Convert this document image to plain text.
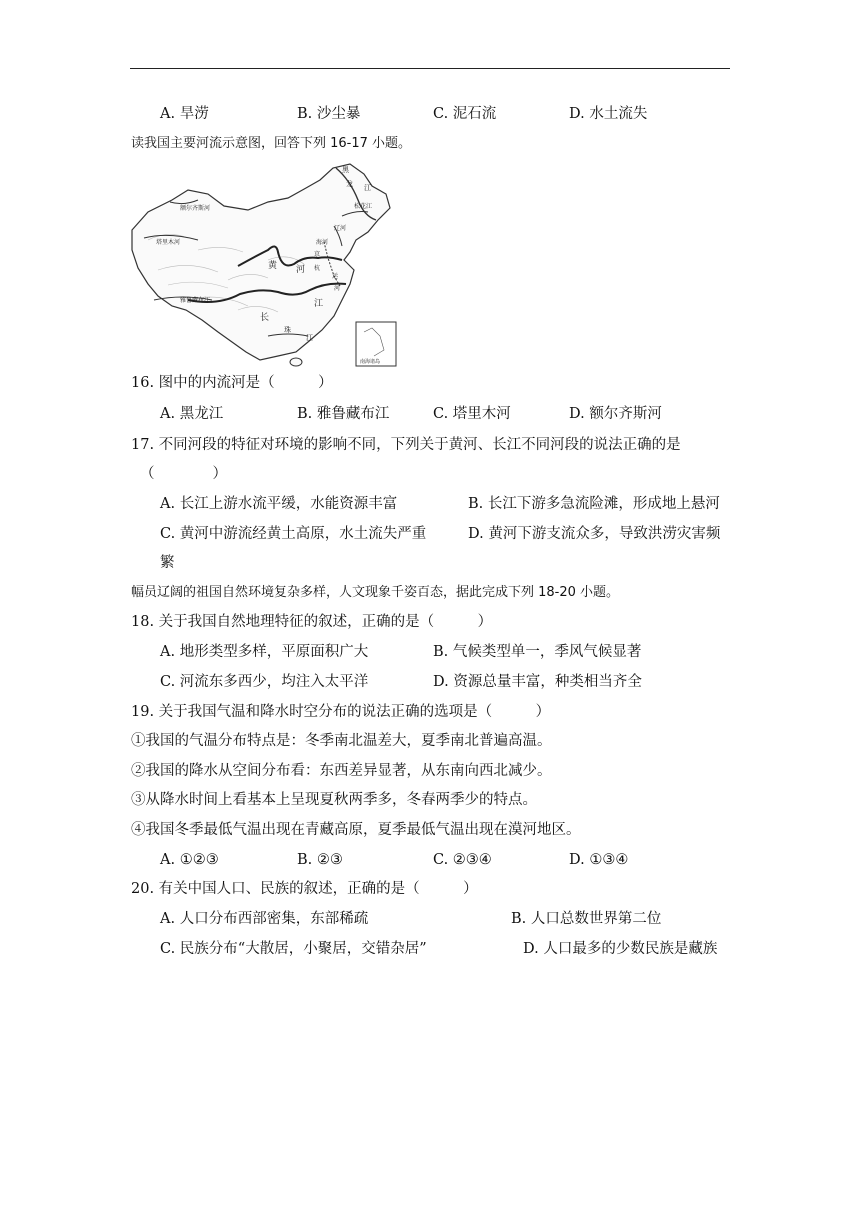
A. 旱涝	B. 沙尘暴	C. 泥石流	D. 水土流失
读我国主要河流示意图，回答下列 16-17 小题。
黑
龙 江
松花江
额尔齐斯河
辽河
海河
京
杭
运
河
塔里木河
黄 河
雅鲁藏布江
长
江
珠
江
南海诸岛
16. 图中的内流河是（　　　）
A. 黑龙江	B. 雅鲁藏布江	C. 塔里木河	D. 额尔齐斯河
17. 不同河段的特征对环境的影响不同，下列关于黄河、长江不同河段的说法正确的是
（　　　　）
A. 长江上游水流平缓，水能资源丰富	B. 长江下游多急流险滩，形成地上悬河
C. 黄河中游流经黄土高原，水土流失严重	D. 黄河下游支流众多，导致洪涝灾害频
繁
幅员辽阔的祖国自然环境复杂多样，人文现象千姿百态，据此完成下列 18-20 小题。
18. 关于我国自然地理特征的叙述，正确的是（　　　）
A. 地形类型多样，平原面积广大	B. 气候类型单一，季风气候显著
C. 河流东多西少，均注入太平洋	D. 资源总量丰富，种类相当齐全
19. 关于我国气温和降水时空分布的说法正确的选项是（　　　）
①我国的气温分布特点是：冬季南北温差大，夏季南北普遍高温。
②我国的降水从空间分布看：东西差异显著，从东南向西北减少。
③从降水时间上看基本上呈现夏秋两季多，冬春两季少的特点。
④我国冬季最低气温出现在青藏高原，夏季最低气温出现在漠河地区。
A. ①②③	B. ②③	C. ②③④	D. ①③④
20. 有关中国人口、民族的叙述，正确的是（　　　）
A. 人口分布西部密集，东部稀疏	B. 人口总数世界第二位
C. 民族分布“大散居，小聚居，交错杂居”	D. 人口最多的少数民族是藏族
